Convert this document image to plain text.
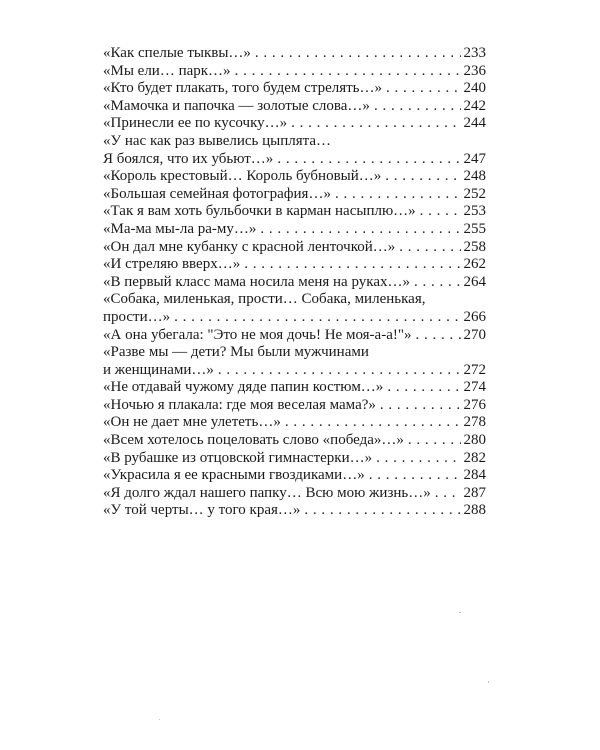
«Как спелые тыквы…» . . .	233
«Мы ели… парк…» . . .	236
«Кто будет плакать, того будем стрелять…» . . .	240
«Мамочка и папочка — золотые слова…» . . .	242
«Принесли ее по кусочку…» . . .	244
«У нас как раз вывелись цыплята…
Я боялся, что их убьют…» . . .	247
«Король крестовый… Король бубновый…» . . .	248
«Большая семейная фотография…» . . .	252
«Так я вам хоть бульбочки в карман насыплю…» . . .	253
«Ма-ма мы-ла ра-му…» . . .	255
«Он дал мне кубанку с красной ленточкой…» . . .	258
«И стреляю вверх…» . . .	262
«В первый класс мама носила меня на руках…» . . .	264
«Собака, миленькая, прости… Собака, миленькая,
прости…» . . .	266
«А она убегала: "Это не моя дочь! Не моя-а-а!"» . . .	270
«Разве мы — дети? Мы были мужчинами
и женщинами…» . . .	272
«Не отдавай чужому дяде папин костюм…» . . .	274
«Ночью я плакала: где моя веселая мама?» . . .	276
«Он не дает мне улететь…» . . .	278
«Всем хотелось поцеловать слово «победа»…» . . .	280
«В рубашке из отцовской гимнастерки…» . . .	282
«Украсила я ее красными гвоздиками…» . . .	284
«Я долго ждал нашего папку… Всю мою жизнь…» . . . 287
«У той черты… у того края…» . . .	288
